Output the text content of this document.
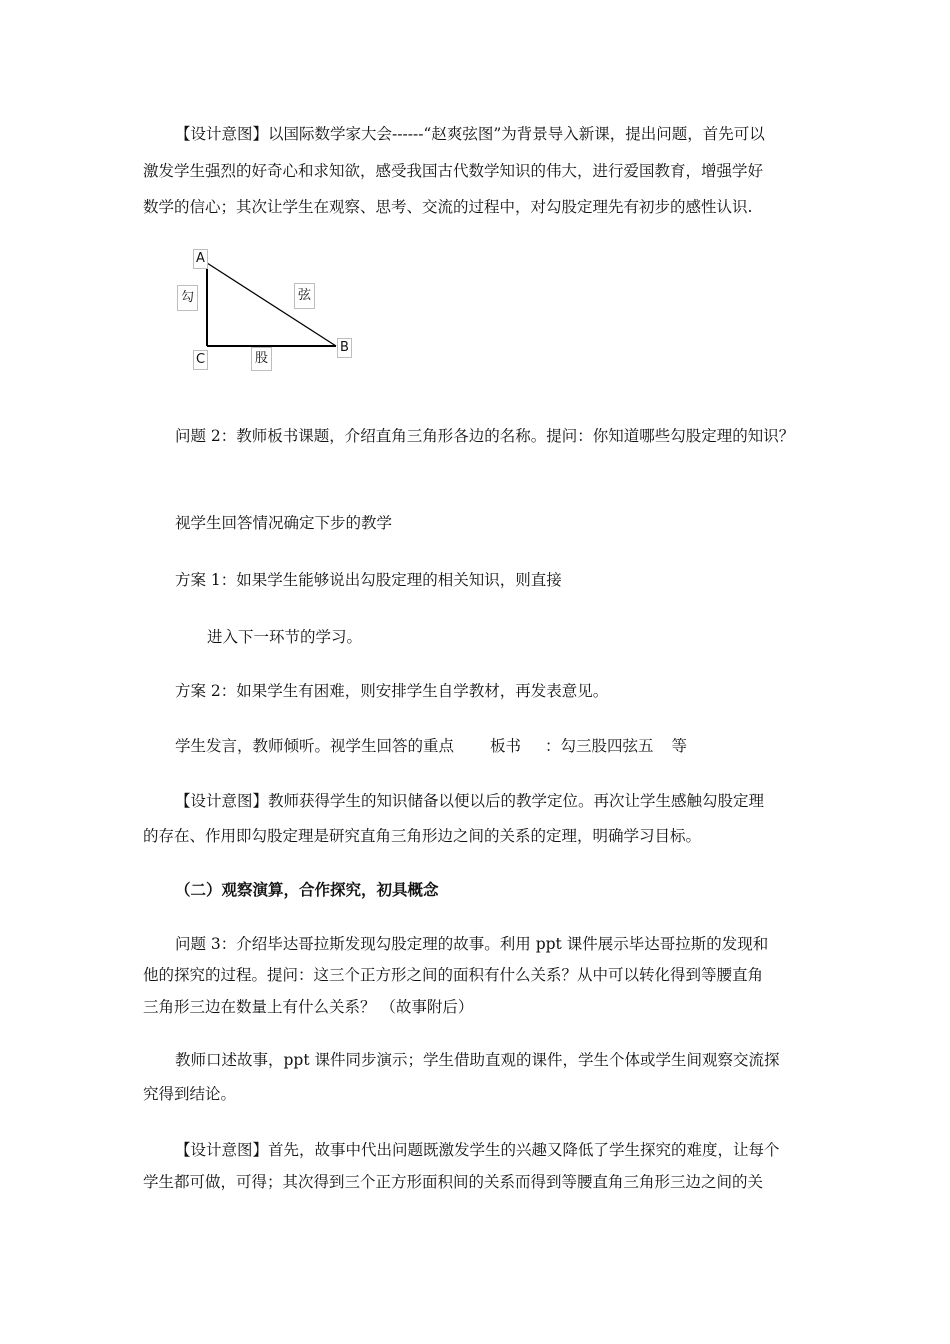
【设计意图】以国际数学家大会------“赵爽弦图”为背景导入新课，提出问题，首先可以
激发学生强烈的好奇心和求知欲，感受我国古代数学知识的伟大，进行爱国教育，增强学好
数学的信心；其次让学生在观察、思考、交流的过程中，对勾股定理先有初步的感性认识.
A
B
C
勾	弦
股
问题 2：教师板书课题，介绍直角三角形各边的名称。提问：你知道哪些勾股定理的知识？
视学生回答情况确定下步的教学
方案 1：如果学生能够说出勾股定理的相关知识，则直接
进入下一环节的学习。
方案 2：如果学生有困难，则安排学生自学教材，再发表意见。
学生发言，教师倾听。视学生回答的重点 板书 ：勾三股四弦五 等
【设计意图】教师获得学生的知识储备以便以后的教学定位。再次让学生感触勾股定理
的存在、作用即勾股定理是研究直角三角形边之间的关系的定理，明确学习目标。
（二）观察演算，合作探究，初具概念
问题 3：介绍毕达哥拉斯发现勾股定理的故事。利用 ppt 课件展示毕达哥拉斯的发现和
他的探究的过程。提问：这三个正方形之间的面积有什么关系？从中可以转化得到等腰直角
三角形三边在数量上有什么关系？ （故事附后）
教师口述故事，ppt 课件同步演示；学生借助直观的课件，学生个体或学生间观察交流探
究得到结论。
【设计意图】首先，故事中代出问题既激发学生的兴趣又降低了学生探究的难度，让每个
学生都可做，可得；其次得到三个正方形面积间的关系而得到等腰直角三角形三边之间的关
